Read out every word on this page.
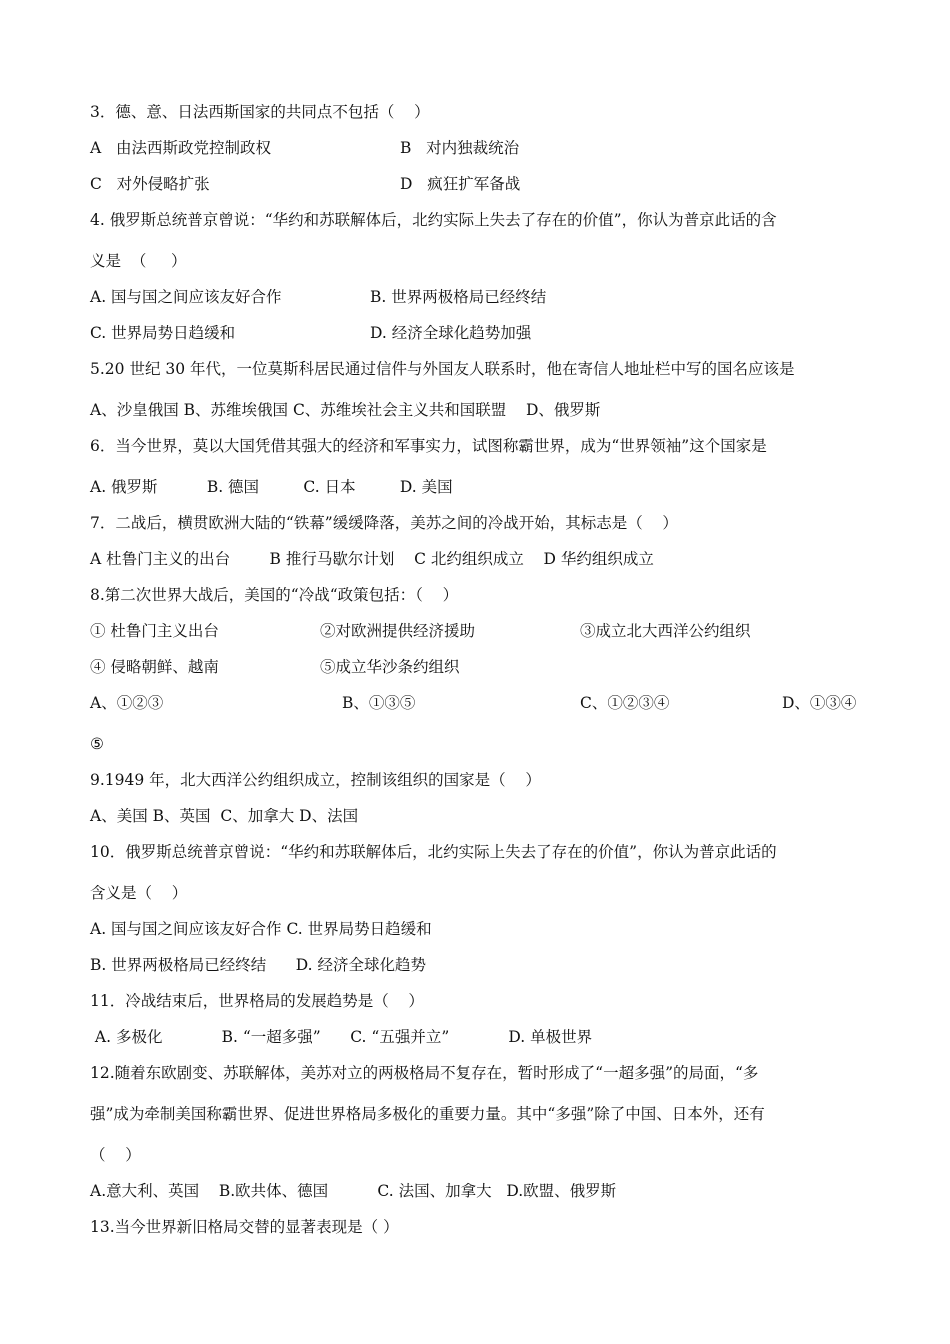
3．德、意、日法西斯国家的共同点不包括（    ）
A   由法西斯政党控制政权	B   对内独裁统治
C   对外侵略扩张	D   疯狂扩军备战
4. 俄罗斯总统普京曾说：“华约和苏联解体后，北约实际上失去了存在的价值”，你认为普京此话的含
义是  （     ）
A. 国与国之间应该友好合作	B. 世界两极格局已经终结
C. 世界局势日趋缓和	D. 经济全球化趋势加强
5.20 世纪 30 年代，一位莫斯科居民通过信件与外国友人联系时，他在寄信人地址栏中写的国名应该是
A、沙皇俄国 B、苏维埃俄国 C、苏维埃社会主义共和国联盟    D、俄罗斯
6．当今世界，莫以大国凭借其强大的经济和军事实力，试图称霸世界，成为“世界领袖”这个国家是
A. 俄罗斯          B. 德国         C. 日本         D. 美国
7．二战后，横贯欧洲大陆的“铁幕”缓缓降落，美苏之间的冷战开始，其标志是（    ）
A 杜鲁门主义的出台        B 推行马歇尔计划    C 北约组织成立    D 华约组织成立
8.第二次世界大战后，美国的“冷战“政策包括：（    ）
① 杜鲁门主义出台	②对欧洲提供经济援助	③成立北大西洋公约组织
④ 侵略朝鲜、越南	⑤成立华沙条约组织
A、①②③	B、①③⑤	C、①②③④	D、①③④
⑤
9.1949 年，北大西洋公约组织成立，控制该组织的国家是（    ）
A、美国 B、英国  C、加拿大 D、法国
10．俄罗斯总统普京曾说：“华约和苏联解体后，北约实际上失去了存在的价值”，你认为普京此话的
含义是（    ）
A. 国与国之间应该友好合作 C. 世界局势日趋缓和
B. 世界两极格局已经终结      D. 经济全球化趋势
11．冷战结束后，世界格局的发展趋势是（    ）
A. 多极化            B. “一超多强”      C. “五强并立”            D. 单极世界
12.随着东欧剧变、苏联解体，美苏对立的两极格局不复存在，暂时形成了“一超多强”的局面，“多
强”成为牵制美国称霸世界、促进世界格局多极化的重要力量。其中“多强”除了中国、日本外，还有
（    ）
A.意大利、英国    B.欧共体、德国          C. 法国、加拿大   D.欧盟、俄罗斯
13.当今世界新旧格局交替的显著表现是（ ）
